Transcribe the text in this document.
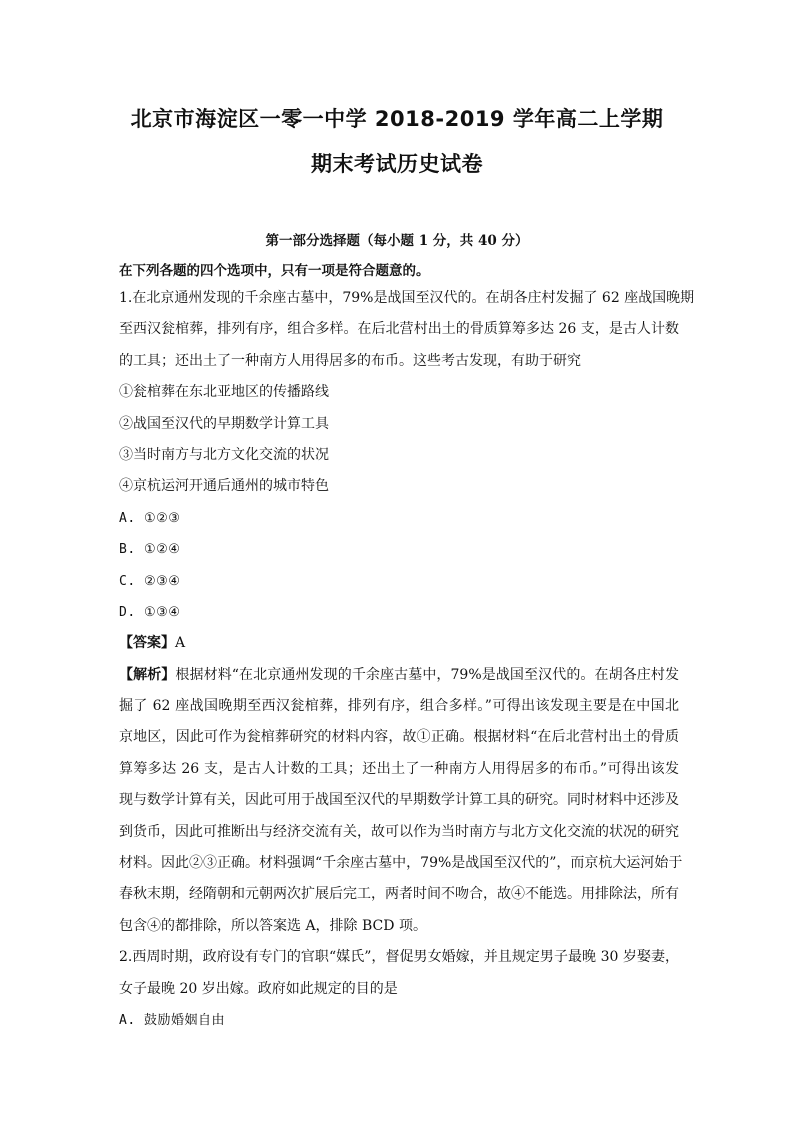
北京市海淀区一零一中学 2018-2019 学年高二上学期
期末考试历史试卷
第一部分选择题（每小题 1 分，共 40 分）
在下列各题的四个选项中，只有一项是符合题意的。
1.在北京通州发现的千余座古墓中，79%是战国至汉代的。在胡各庄村发掘了 62 座战国晚期
至西汉瓮棺葬，排列有序，组合多样。在后北营村出土的骨质算筹多达 26 支，是古人计数
的工具；还出土了一种南方人用得居多的布币。这些考古发现，有助于研究
①瓮棺葬在东北亚地区的传播路线
②战国至汉代的早期数学计算工具
③当时南方与北方文化交流的状况
④京杭运河开通后通州的城市特色
A. ①②③
B. ①②④
C. ②③④
D. ①③④
【答案】A
【解析】根据材料“在北京通州发现的千余座古墓中，79%是战国至汉代的。在胡各庄村发
掘了 62 座战国晚期至西汉瓮棺葬，排列有序，组合多样。”可得出该发现主要是在中国北
京地区，因此可作为瓮棺葬研究的材料内容，故①正确。根据材料“在后北营村出土的骨质
算筹多达 26 支，是古人计数的工具；还出土了一种南方人用得居多的布币。”可得出该发
现与数学计算有关，因此可用于战国至汉代的早期数学计算工具的研究。同时材料中还涉及
到货币，因此可推断出与经济交流有关，故可以作为当时南方与北方文化交流的状况的研究
材料。因此②③正确。材料强调“千余座古墓中，79%是战国至汉代的”，而京杭大运河始于
春秋末期，经隋朝和元朝两次扩展后完工，两者时间不吻合，故④不能选。用排除法，所有
包含④的都排除，所以答案选 A，排除 BCD 项。
2.西周时期，政府设有专门的官职“媒氏”，督促男女婚嫁，并且规定男子最晚 30 岁娶妻，
女子最晚 20 岁出嫁。政府如此规定的目的是
A. 鼓励婚姻自由
